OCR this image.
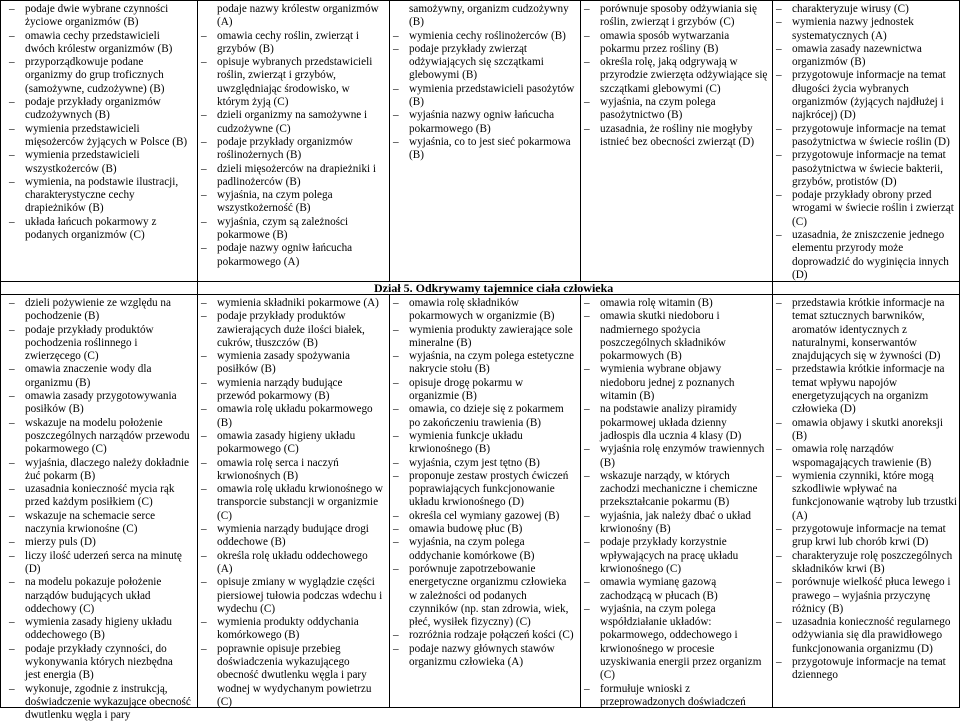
Dział 5. Odkrywamy tajemnice ciała człowieka
– podaje dwie wybrane czynności życiowe organizmów (B)
– omawia cechy przedstawicieli dwóch królestw organizmów (B)
– przyporządkowuje podane organizmy do grup troficznych (samożywne, cudzożywne) (B)
– podaje przykłady organizmów cudzożywnych (B)
– wymienia przedstawicieli mięsożerców żyjących w Polsce (B)
– wymienia przedstawicieli wszystkożerców (B)
– wymienia, na podstawie ilustracji, charakterystyczne cechy drapieżników (B)
– układa łańcuch pokarmowy z podanych organizmów (C)
podaje nazwy królestw organizmów (A)
– omawia cechy roślin, zwierząt i grzybów (B)
– opisuje wybranych przedstawicieli roślin, zwierząt i grzybów, uwzględniając środowisko, w którym żyją (C)
– dzieli organizmy na samożywne i cudzożywne (C)
– podaje przykłady organizmów roślinożernych (B)
– dzieli mięsożerców na drapieżniki i padlinożerców (B)
– wyjaśnia, na czym polega wszystkożerność (B)
– wyjaśnia, czym są zależności pokarmowe (B)
– podaje nazwy ogniw łańcucha pokarmowego (A)
samożywny, organizm cudzożywny (B)
– wymienia cechy roślinożerców (B)
– podaje przykłady zwierząt odżywiających się szczątkami glebowymi (B)
– wymienia przedstawicieli pasożytów (B)
– wyjaśnia nazwy ogniw łańcucha pokarmowego (B)
– wyjaśnia, co to jest sieć pokarmowa (B)
– porównuje sposoby odżywiania się roślin, zwierząt i grzybów (C)
– omawia sposób wytwarzania pokarmu przez rośliny (B)
– określa rolę, jaką odgrywają w przyrodzie zwierzęta odżywiające się szczątkami glebowymi (C)
– wyjaśnia, na czym polega pasożytnictwo (B)
– uzasadnia, że rośliny nie mogłyby istnieć bez obecności zwierząt (D)
– charakteryzuje wirusy (C)
– wymienia nazwy jednostek systematycznych (A)
– omawia zasady nazewnictwa organizmów (B)
– przygotowuje informacje na temat długości życia wybranych organizmów (żyjących najdłużej i najkrócej) (D)
– przygotowuje informacje na temat pasożytnictwa w świecie roślin (D)
– przygotowuje informacje na temat pasożytnictwa w świecie bakterii, grzybów, protistów (D)
– podaje przykłady obrony przed wrogami w świecie roślin i zwierząt (C)
– uzasadnia, że zniszczenie jednego elementu przyrody może doprowadzić do wyginięcia innych (D)
– dzieli pożywienie ze względu na pochodzenie (B)
– podaje przykłady produktów pochodzenia roślinnego i zwierzęcego (C)
– omawia znaczenie wody dla organizmu (B)
– omawia zasady przygotowywania posiłków (B)
– wskazuje na modelu położenie poszczególnych narządów przewodu pokarmowego (C)
– wyjaśnia, dlaczego należy dokładnie żuć pokarm (B)
– uzasadnia konieczność mycia rąk przed każdym posiłkiem (C)
– wskazuje na schemacie serce naczynia krwionośne (C)
– mierzy puls (D)
– liczy ilość uderzeń serca na minutę (D)
– na modelu pokazuje położenie narządów budujących układ oddechowy (C)
– wymienia zasady higieny układu oddechowego (B)
– podaje przykłady czynności, do wykonywania których niezbędna jest energia (B)
– wykonuje, zgodnie z instrukcją, doświadczenie wykazujące obecność dwutlenku węgla i pary
– wymienia składniki pokarmowe (A)
– podaje przykłady produktów zawierających duże ilości białek, cukrów, tłuszczów (B)
– wymienia zasady spożywania posiłków (B)
– wymienia narządy budujące przewód pokarmowy (B)
– omawia rolę układu pokarmowego (B)
– omawia zasady higieny układu pokarmowego (C)
– omawia rolę serca i naczyń krwionośnych (B)
– omawia rolę układu krwionośnego w transporcie substancji w organizmie (C)
– wymienia narządy budujące drogi oddechowe (B)
– określa rolę układu oddechowego (A)
– opisuje zmiany w wyglądzie części piersiowej tułowia podczas wdechu i wydechu (C)
– wymienia produkty oddychania komórkowego (B)
– poprawnie opisuje przebieg doświadczenia wykazującego obecność dwutlenku węgla i pary wodnej w wydychanym powietrzu (C)
– omawia rolę składników pokarmowych w organizmie (B)
– wymienia produkty zawierające sole mineralne (B)
– wyjaśnia, na czym polega estetyczne nakrycie stołu (B)
– opisuje drogę pokarmu w organizmie (B)
– omawia, co dzieje się z pokarmem po zakończeniu trawienia (B)
– wymienia funkcje układu krwionośnego (B)
– wyjaśnia, czym jest tętno (B)
– proponuje zestaw prostych ćwiczeń poprawiających funkcjonowanie układu krwionośnego (D)
– określa cel wymiany gazowej (B)
– omawia budowę płuc (B)
– wyjaśnia, na czym polega oddychanie komórkowe (B)
– porównuje zapotrzebowanie energetyczne organizmu człowieka w zależności od podanych czynników (np. stan zdrowia, wiek, płeć, wysiłek fizyczny) (C)
– rozróżnia rodzaje połączeń kości (C)
– podaje nazwy głównych stawów organizmu człowieka (A)
– omawia rolę witamin (B)
– omawia skutki niedoboru i nadmiernego spożycia poszczególnych składników pokarmowych (B)
– wymienia wybrane objawy niedoboru jednej z poznanych witamin (B)
– na podstawie analizy piramidy pokarmowej układa dzienny jadłospis dla ucznia 4 klasy (D)
– wyjaśnia rolę enzymów trawiennych (B)
– wskazuje narządy, w których zachodzi mechaniczne i chemiczne przekształcanie pokarmu (B)
– wyjaśnia, jak należy dbać o układ krwionośny (B)
– podaje przykłady korzystnie wpływających na pracę układu krwionośnego (C)
– omawia wymianę gazową zachodzącą w płucach (B)
– wyjaśnia, na czym polega współdziałanie układów: pokarmowego, oddechowego i krwionośnego w procesie uzyskiwania energii przez organizm (C)
– formułuje wnioski z przeprowadzonych doświadczeń
– przedstawia krótkie informacje na temat sztucznych barwników, aromatów identycznych z naturalnymi, konserwantów znajdujących się w żywności (D)
– przedstawia krótkie informacje na temat wpływu napojów energetyzujących na organizm człowieka (D)
– omawia objawy i skutki anoreksji (B)
– omawia rolę narządów wspomagających trawienie (B)
– wymienia czynniki, które mogą szkodliwie wpływać na funkcjonowanie wątroby lub trzustki (A)
– przygotowuje informacje na temat grup krwi lub chorób krwi (D)
– charakteryzuje rolę poszczególnych składników krwi (B)
– porównuje wielkość płuca lewego i prawego – wyjaśnia przyczynę różnicy (B)
– uzasadnia konieczność regularnego odżywiania się dla prawidłowego funkcjonowania organizmu (D)
– przygotowuje informacje na temat dziennego
